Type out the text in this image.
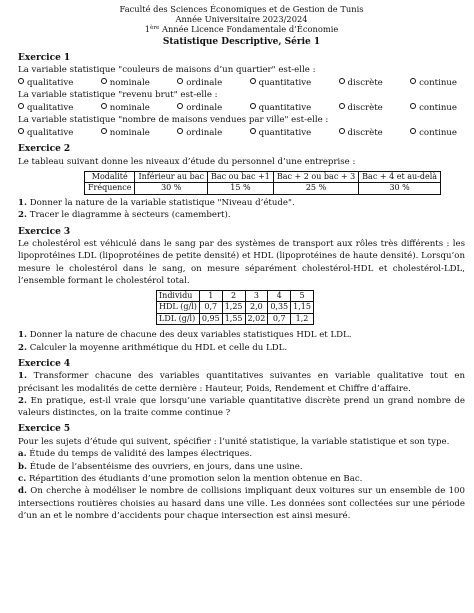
Faculté des Sciences Économiques et de Gestion de Tunis
Année Universitaire 2023/2024
1ère Année Licence Fondamentale d’Économie
Statistique Descriptive, Série 1
Exercice 1
La variable statistique "couleurs de maisons d’un quartier" est-elle :
qualitative	nominale	ordinale	quantitative	discrète	continue
La variable statistique "revenu brut" est-elle :
qualitative	nominale	ordinale	quantitative	discrète	continue
La variable statistique "nombre de maisons vendues par ville" est-elle :
qualitative	nominale	ordinale	quantitative	discrète	continue
Exercice 2
Le tableau suivant donne les niveaux d’étude du personnel d’une entreprise :
Modalité	Inférieur au bac	Bac ou bac +1	Bac + 2 ou bac + 3	Bac + 4 et au-delà
Fréquence	30 %	15 %	25 %	30 %
1. Donner la nature de la variable statistique "Niveau d’étude".
2. Tracer le diagramme à secteurs (camembert).
Exercice 3
Le cholestérol est véhiculé dans le sang par des systèmes de transport aux rôles très différents : les lipoprotéines LDL (lipoprotéines de petite densité) et HDL (lipoprotéines de haute densité). Lorsqu’on mesure le cholestérol dans le sang, on mesure séparément cholestérol-HDL et cholestérol-LDL, l’ensemble formant le cholestérol total.
Individu	1	2	3	4	5
HDL (g/l)	0,7	1,25	2,0	0,35	1,15
LDL (g/l)	0,95	1,55	2,02	0,7	1,2
1. Donner la nature de chacune des deux variables statistiques HDL et LDL.
2. Calculer la moyenne arithmétique du HDL et celle du LDL.
Exercice 4
1. Transformer chacune des variables quantitatives suivantes en variable qualitative tout en précisant les modalités de cette dernière : Hauteur, Poids, Rendement et Chiffre d’affaire.
2. En pratique, est-il vraie que lorsqu’une variable quantitative discrète prend un grand nombre de valeurs distinctes, on la traite comme continue ?
Exercice 5
Pour les sujets d’étude qui suivent, spécifier : l’unité statistique, la variable statistique et son type.
a. Étude du temps de validité des lampes électriques.
b. Étude de l’absentéisme des ouvriers, en jours, dans une usine.
c. Répartition des étudiants d’une promotion selon la mention obtenue en Bac.
d. On cherche à modéliser le nombre de collisions impliquant deux voitures sur un ensemble de 100 intersections routières choisies au hasard dans une ville. Les données sont collectées sur une période d’un an et le nombre d’accidents pour chaque intersection est ainsi mesuré.
